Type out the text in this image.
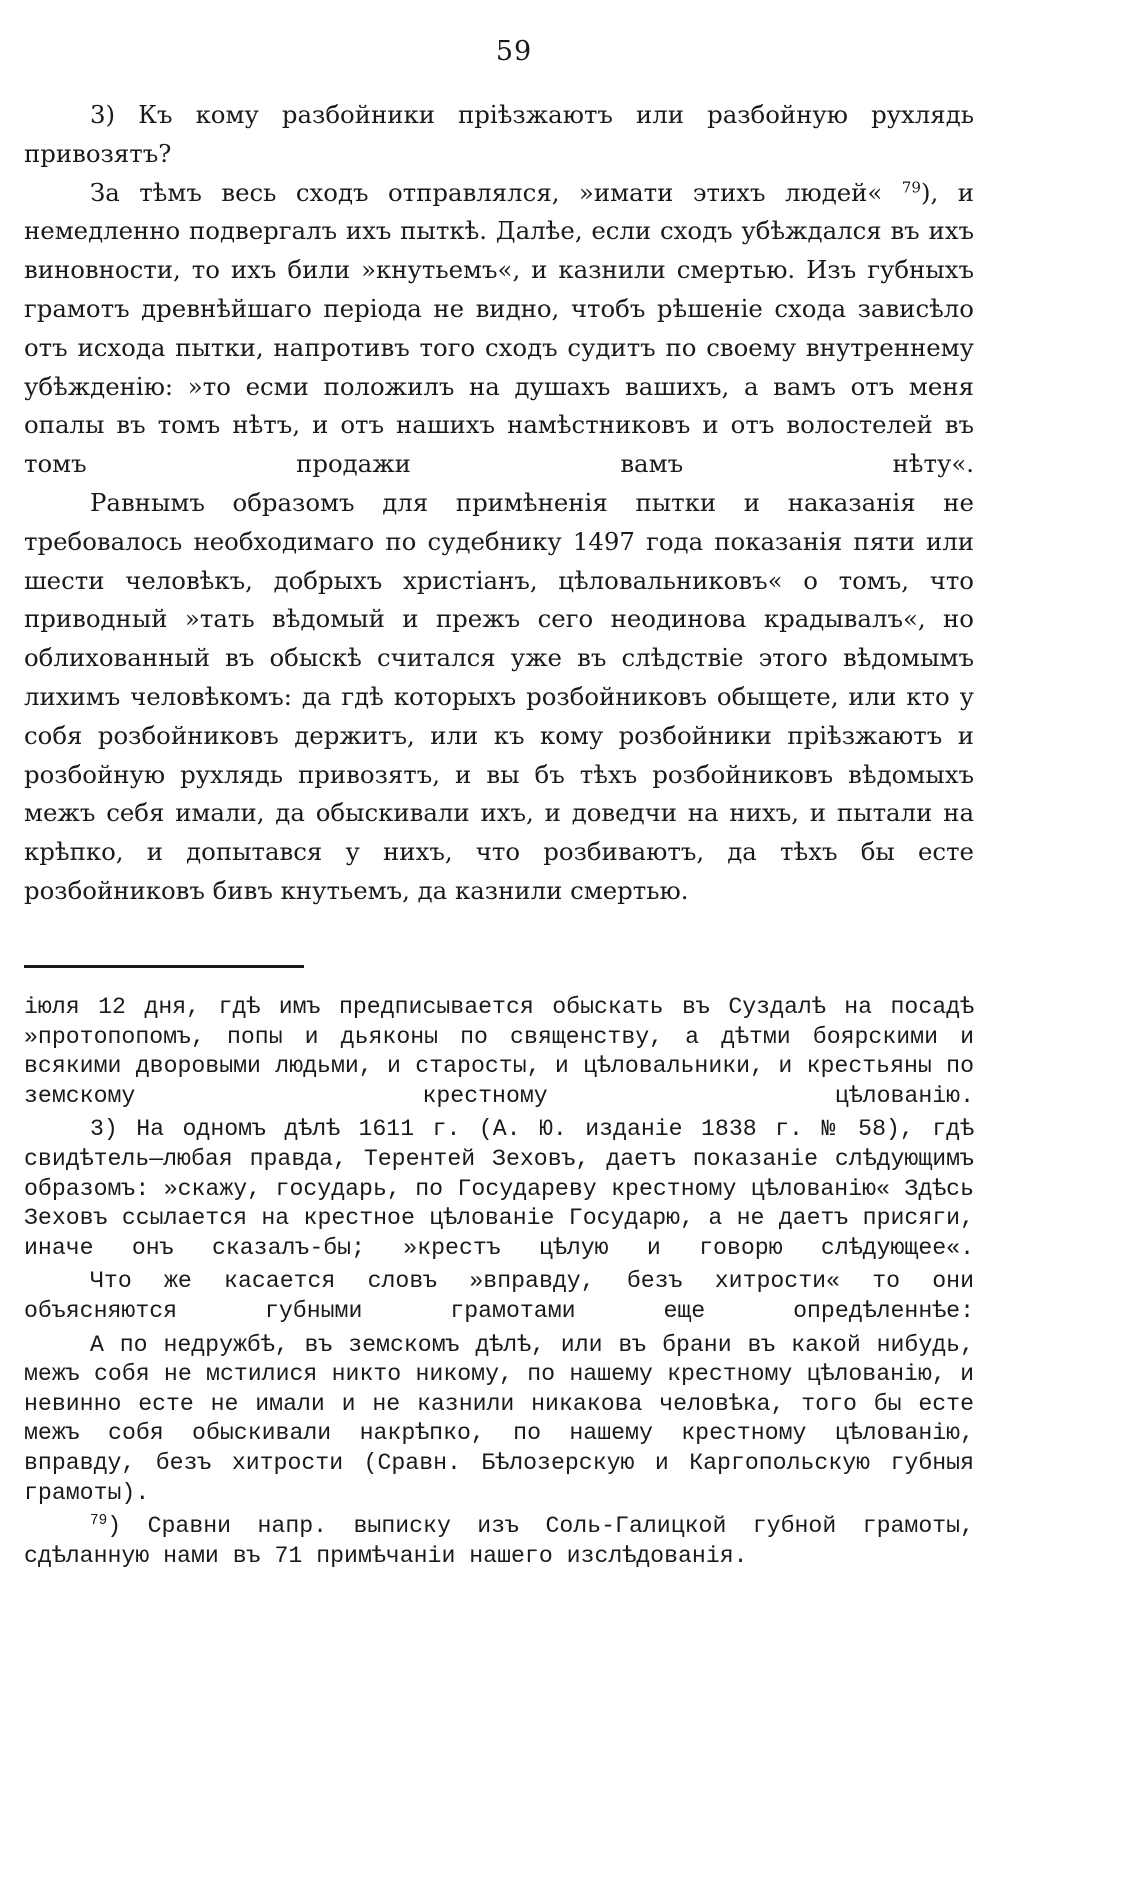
59

3) Къ кому разбойники пріѣзжаютъ или разбойную рухлядь привозятъ?

За тѣмъ весь сходъ отправлялся, »имати этихъ людей« $^{79}$), и немедленно подвергалъ ихъ пыткѣ. Далѣе, если сходъ убѣждался въ ихъ виновности, то ихъ били »кнутьемъ«, и казнили смертью. Изъ губныхъ грамотъ древнѣйшаго періода не видно, чтобъ рѣшеніе схода зависѣло отъ исхода пытки, напротивъ того сходъ судитъ по своему внутреннему убѣжденію: »то есми положилъ на душахъ вашихъ, а вамъ отъ меня опалы въ томъ нѣтъ, и отъ нашихъ намѣстниковъ и отъ волостелей въ томъ продажи вамъ нѣту«.

Равнымъ образомъ для примѣненія пытки и наказанія не требовалось необходимаго по судебнику 1497 года показанія пяти или шести человѣкъ, добрыхъ христіанъ, цѣловальниковъ« о томъ, что приводный »тать вѣдомый и прежъ сего неодинова крадывалъ«, но облихованный въ обыскѣ считался уже въ слѣдствіе этого вѣдомымъ лихимъ человѣкомъ: да гдѣ которыхъ розбойниковъ обыщете, или кто у собя розбойниковъ держитъ, или къ кому розбойники пріѣзжаютъ и розбойную рухлядь привозятъ, и вы бъ тѣхъ розбойниковъ вѣдомыхъ межъ себя имали, да обыскивали ихъ, и доведчи на нихъ, и пытали на крѣпко, и допытався у нихъ, что розбиваютъ, да тѣхъ бы есте розбойниковъ бивъ кнутьемъ, да казнили смертью.

іюля 12 дня, гдѣ имъ предписывается обыскать въ Суздалѣ на посадѣ »протопопомъ, попы и дьяконы по священству, а дѣтми боярскими и всякими дворовыми людьми, и старосты, и цѣловальники, и крестьяны по земскому крестному цѣлованію.

3) На одномъ дѣлѣ 1611 г. (А. Ю. изданіе 1838 г. № 58), гдѣ свидѣтель—любая правда, Терентей Зеховъ, даетъ показаніе слѣдующимъ образомъ: »скажу, государь, по Государеву крестному цѣлованію« Здѣсь Зеховъ ссылается на крестное цѣлованіе Государю, а не даетъ присяги, иначе онъ сказалъ-бы; »крестъ цѣлую и говорю слѣдующее«.

Что же касается словъ »вправду, безъ хитрости« то они объясняются губными грамотами еще опредѣленнѣе:

А по недружбѣ, въ земскомъ дѣлѣ, или въ брани въ какой нибудь, межъ собя не мстилися никто никому, по нашему крестному цѣлованію, и невинно есте не имали и не казнили никакова человѣка, того бы есте межъ собя обыскивали накрѣпко, по нашему крестному цѣлованію, вправду, безъ хитрости (Сравн. Бѣлозерскую и Каргопольскую губныя грамоты).

$^{79}$) Сравни напр. выписку изъ Соль-Галицкой губной грамоты, сдѣланную нами въ 71 примѣчаніи нашего изслѣдованія.
